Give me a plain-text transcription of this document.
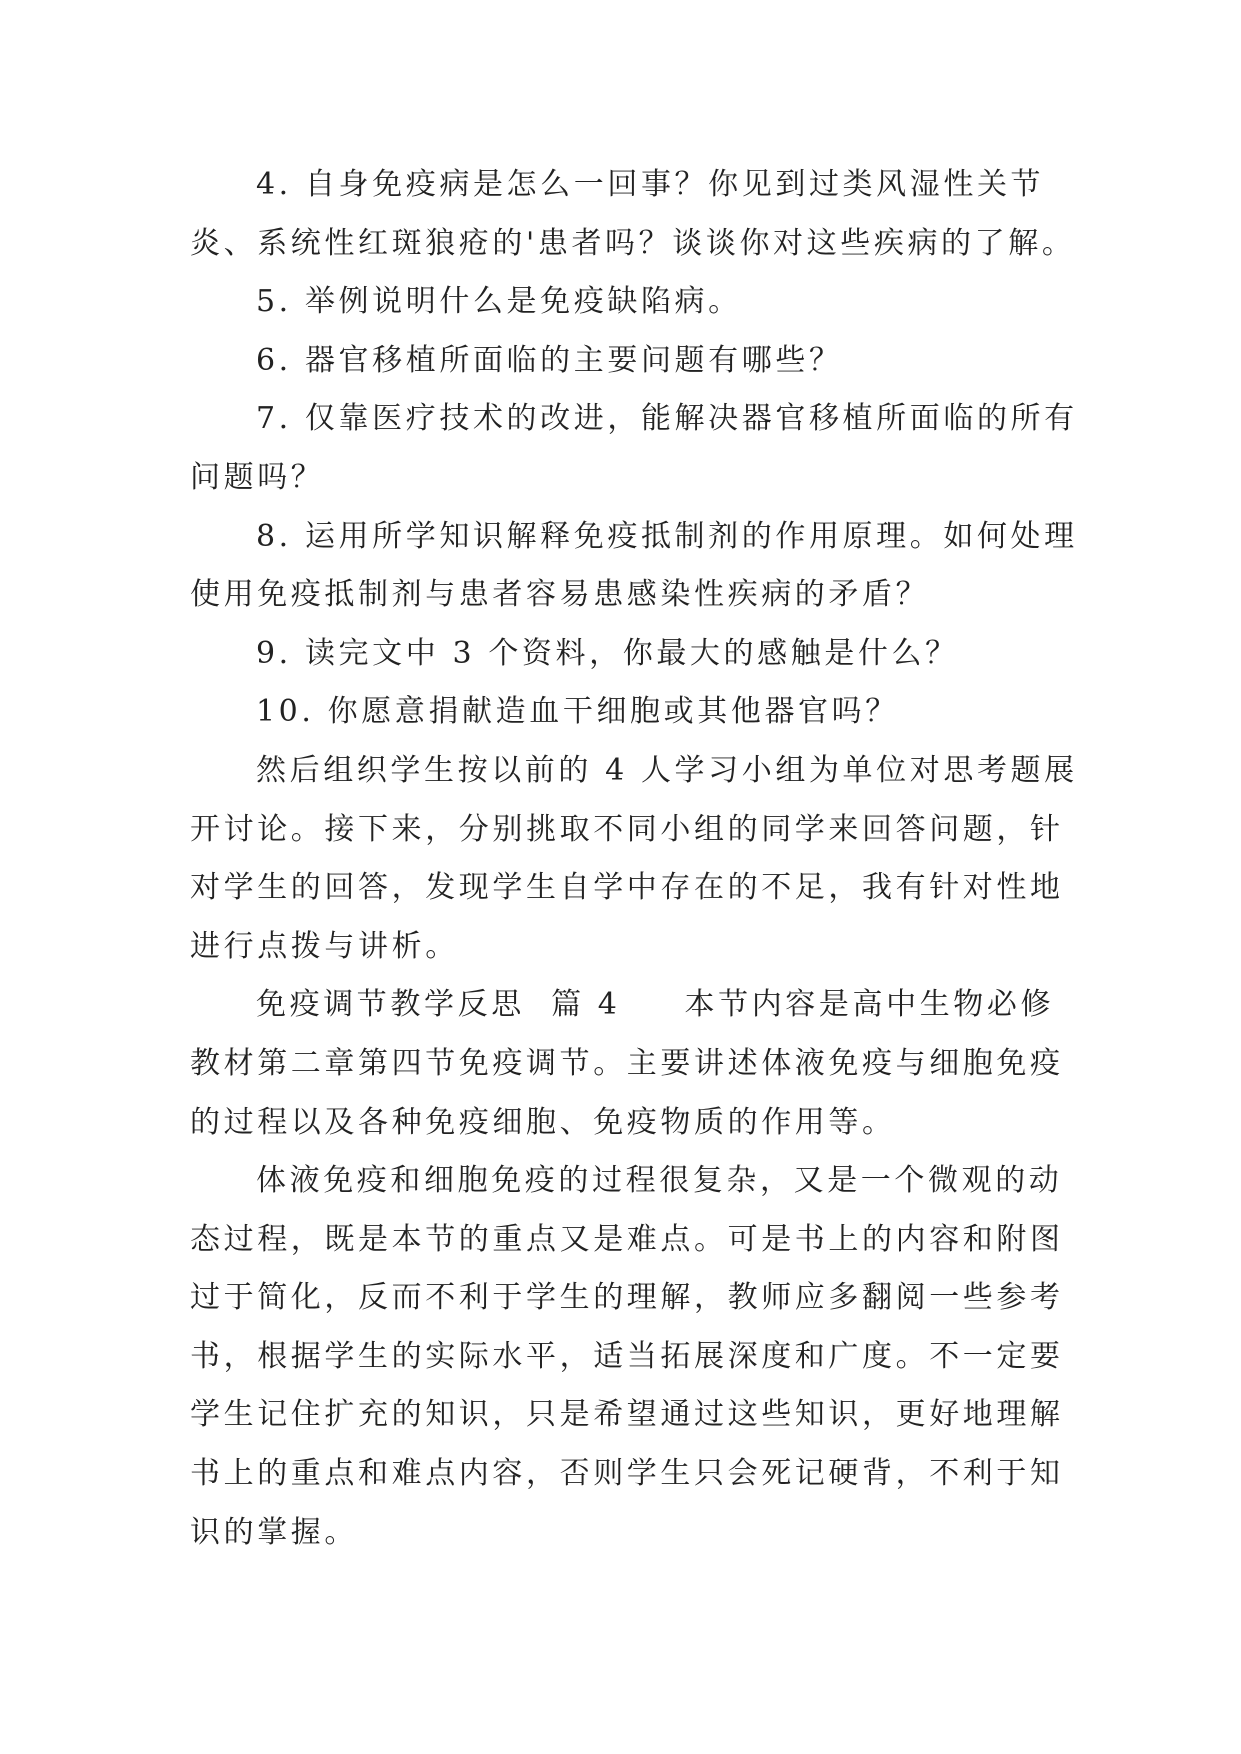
4. 自身免疫病是怎么一回事？你见到过类风湿性关节
炎、系统性红斑狼疮的'患者吗？谈谈你对这些疾病的了解。
5. 举例说明什么是免疫缺陷病。
6. 器官移植所面临的主要问题有哪些？
7. 仅靠医疗技术的改进，能解决器官移植所面临的所有
问题吗？
8. 运用所学知识解释免疫抵制剂的作用原理。如何处理
使用免疫抵制剂与患者容易患感染性疾病的矛盾？
9. 读完文中 3 个资料，你最大的感触是什么？
10. 你愿意捐献造血干细胞或其他器官吗？
然后组织学生按以前的 4 人学习小组为单位对思考题展
开讨论。接下来，分别挑取不同小组的同学来回答问题，针
对学生的回答，发现学生自学中存在的不足，我有针对性地
进行点拨与讲析。
免疫调节教学反思  篇 4 本节内容是高中生物必修
教材第二章第四节免疫调节。主要讲述体液免疫与细胞免疫
的过程以及各种免疫细胞、免疫物质的作用等。
体液免疫和细胞免疫的过程很复杂，又是一个微观的动
态过程，既是本节的重点又是难点。可是书上的内容和附图
过于简化，反而不利于学生的理解，教师应多翻阅一些参考
书，根据学生的实际水平，适当拓展深度和广度。不一定要
学生记住扩充的知识，只是希望通过这些知识，更好地理解
书上的重点和难点内容，否则学生只会死记硬背，不利于知
识的掌握。
